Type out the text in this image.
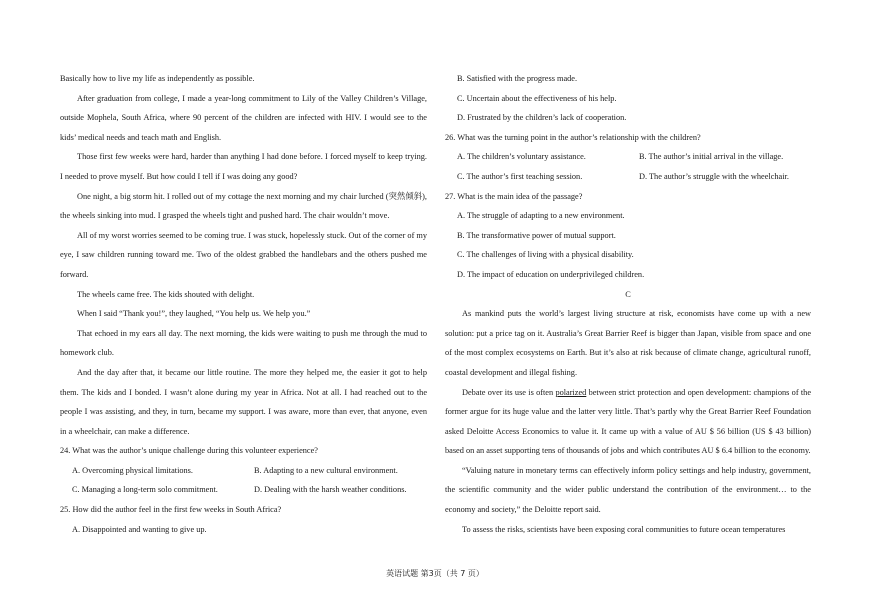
Basically how to live my life as independently as possible.

After graduation from college, I made a year-long commitment to Lily of the Valley Children’s Village, outside Mophela, South Africa, where 90 percent of the children are infected with HIV. I would see to the kids’ medical needs and teach math and English.

Those first few weeks were hard, harder than anything I had done before. I forced myself to keep trying. I needed to prove myself. But how could I tell if I was doing any good?

One night, a big storm hit. I rolled out of my cottage the next morning and my chair lurched (突然倾斜), the wheels sinking into mud. I grasped the wheels tight and pushed hard. The chair wouldn’t move.

All of my worst worries seemed to be coming true. I was stuck, hopelessly stuck. Out of the corner of my eye, I saw children running toward me. Two of the oldest grabbed the handlebars and the others pushed me forward.

The wheels came free. The kids shouted with delight.

When I said “Thank you!”, they laughed, “You help us. We help you.”

That echoed in my ears all day. The next morning, the kids were waiting to push me through the mud to homework club.

And the day after that, it became our little routine. The more they helped me, the easier it got to help them. The kids and I bonded. I wasn’t alone during my year in Africa. Not at all. I had reached out to the people I was assisting, and they, in turn, became my support. I was aware, more than ever, that anyone, even in a wheelchair, can make a difference.

24. What was the author’s unique challenge during this volunteer experience?

A. Overcoming physical limitations.	B. Adapting to a new cultural environment.
C. Managing a long-term solo commitment.	D. Dealing with the harsh weather conditions.

25. How did the author feel in the first few weeks in South Africa?

A. Disappointed and wanting to give up.

B. Satisfied with the progress made.

C. Uncertain about the effectiveness of his help.

D. Frustrated by the children’s lack of cooperation.

26. What was the turning point in the author’s relationship with the children?

A. The children’s voluntary assistance.	B. The author’s initial arrival in the village.
C. The author’s first teaching session.	D. The author’s struggle with the wheelchair.

27. What is the main idea of the passage?

A. The struggle of adapting to a new environment.

B. The transformative power of mutual support.

C. The challenges of living with a physical disability.

D. The impact of education on underprivileged children.

C

As mankind puts the world’s largest living structure at risk, economists have come up with a new solution: put a price tag on it. Australia’s Great Barrier Reef is bigger than Japan, visible from space and one of the most complex ecosystems on Earth. But it’s also at risk because of climate change, agricultural runoff, coastal development and illegal fishing.

Debate over its use is often polarized between strict protection and open development: champions of the former argue for its huge value and the latter very little. That’s partly why the Great Barrier Reef Foundation asked Deloitte Access Economics to value it. It came up with a value of AU $ 56 billion (US $ 43 billion) based on an asset supporting tens of thousands of jobs and which contributes AU $ 6.4 billion to the economy.

“Valuing nature in monetary terms can effectively inform policy settings and help industry, government, the scientific community and the wider public understand the contribution of the environment… to the economy and society,” the Deloitte report said.

To assess the risks, scientists have been exposing coral communities to future ocean temperatures

英语试题 第3页（共 7 页）
